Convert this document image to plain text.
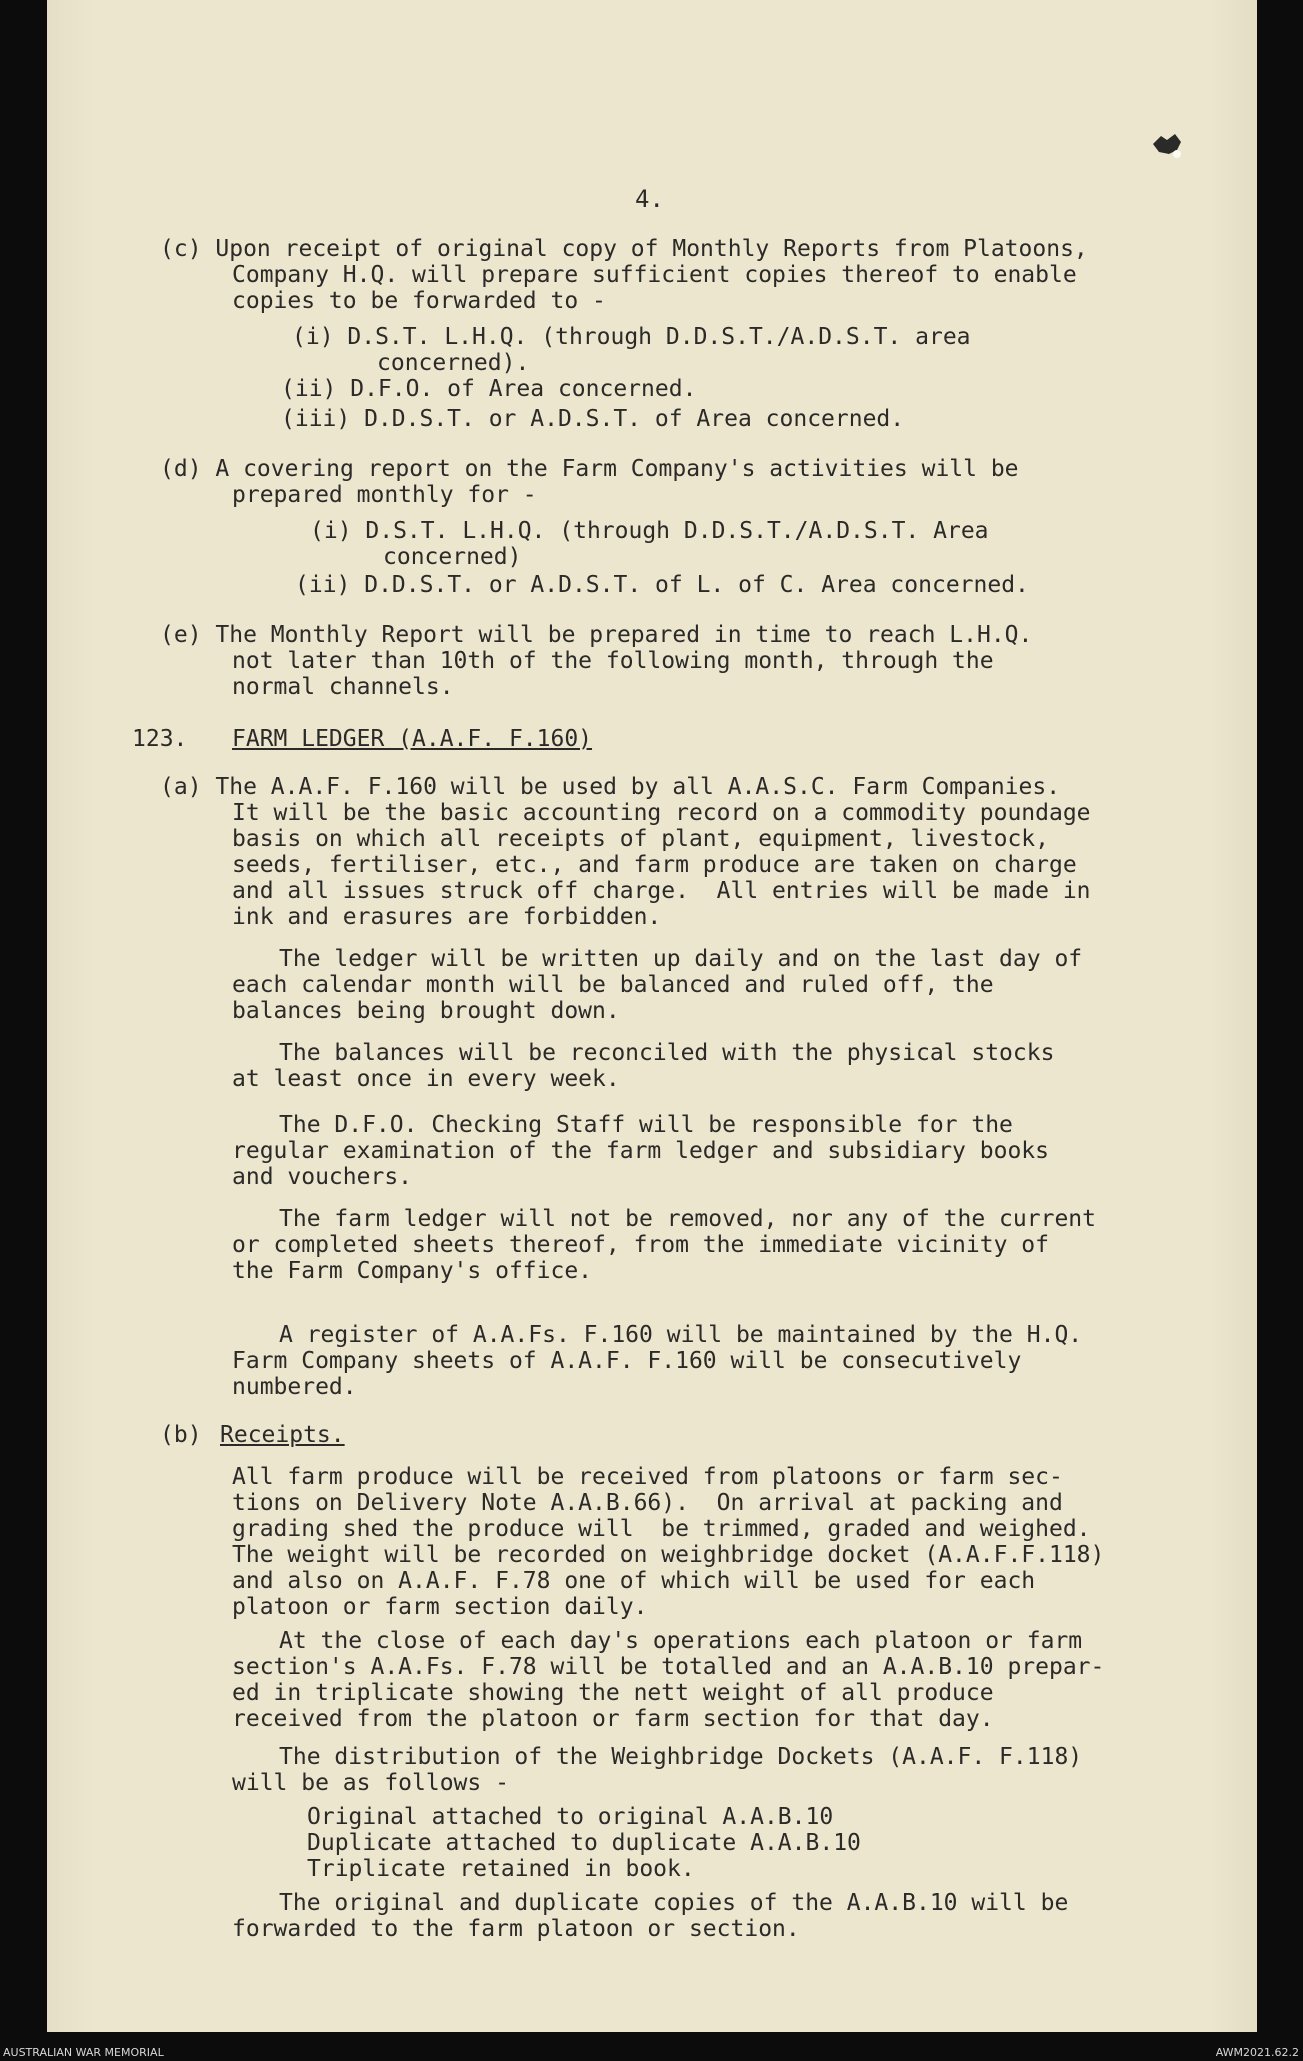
4.

(c) Upon receipt of original copy of Monthly Reports from Platoons,

Company H.Q. will prepare sufficient copies thereof to enable

copies to be forwarded to -

(i) D.S.T. L.H.Q. (through D.D.S.T./A.D.S.T. area

concerned).

(ii) D.F.O. of Area concerned.

(iii) D.D.S.T. or A.D.S.T. of Area concerned.

(d) A covering report on the Farm Company's activities will be

prepared monthly for -

(i) D.S.T. L.H.Q. (through D.D.S.T./A.D.S.T. Area

concerned)

(ii) D.D.S.T. or A.D.S.T. of L. of C. Area concerned.

(e) The Monthly Report will be prepared in time to reach L.H.Q.

not later than 10th of the following month, through the

normal channels.

123. FARM LEDGER (A.A.F. F.160)

(a) The A.A.F. F.160 will be used by all A.A.S.C. Farm Companies.

It will be the basic accounting record on a commodity poundage

basis on which all receipts of plant, equipment, livestock,

seeds, fertiliser, etc., and farm produce are taken on charge

and all issues struck off charge.  All entries will be made in

ink and erasures are forbidden.

The ledger will be written up daily and on the last day of

each calendar month will be balanced and ruled off, the

balances being brought down.

The balances will be reconciled with the physical stocks

at least once in every week.

The D.F.O. Checking Staff will be responsible for the

regular examination of the farm ledger and subsidiary books

and vouchers.

The farm ledger will not be removed, nor any of the current

or completed sheets thereof, from the immediate vicinity of

the Farm Company's office.

A register of A.A.Fs. F.160 will be maintained by the H.Q.

Farm Company sheets of A.A.F. F.160 will be consecutively

numbered.

(b) Receipts.

All farm produce will be received from platoons or farm sec-

tions on Delivery Note A.A.B.66).  On arrival at packing and

grading shed the produce will  be trimmed, graded and weighed.

The weight will be recorded on weighbridge docket (A.A.F.F.118)

and also on A.A.F. F.78 one of which will be used for each

platoon or farm section daily.

At the close of each day's operations each platoon or farm

section's A.A.Fs. F.78 will be totalled and an A.A.B.10 prepar-

ed in triplicate showing the nett weight of all produce

received from the platoon or farm section for that day.

The distribution of the Weighbridge Dockets (A.A.F. F.118)

will be as follows -

Original attached to original A.A.B.10

Duplicate attached to duplicate A.A.B.10

Triplicate retained in book.

The original and duplicate copies of the A.A.B.10 will be

forwarded to the farm platoon or section.

AUSTRALIAN WAR MEMORIAL	AWM2021.62.2
